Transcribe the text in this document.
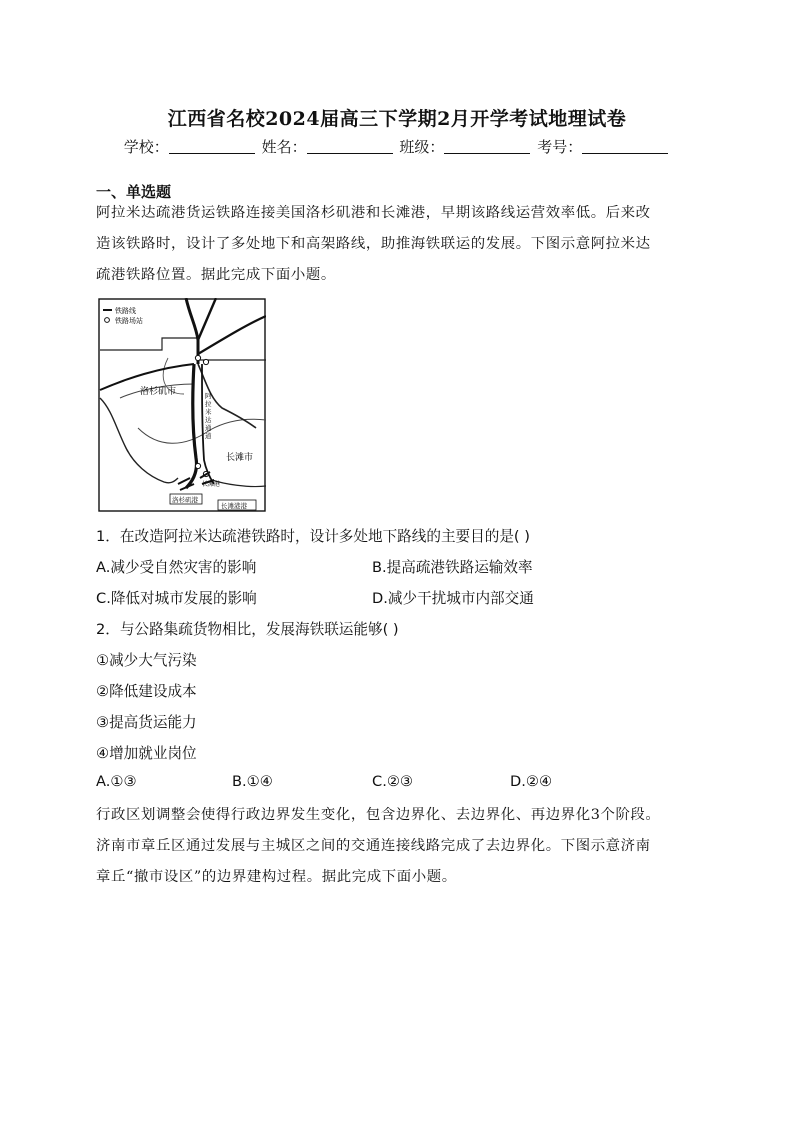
江西省名校2024届高三下学期2月开学考试地理试卷
学校：	姓名：	班级：	考号：
一、单选题
阿拉米达疏港货运铁路连接美国洛杉矶港和长滩港，早期该路线运营效率低。后来改
造该铁路时，设计了多处地下和高架路线，助推海铁联运的发展。下图示意阿拉米达
疏港铁路位置。据此完成下面小题。
铁路线
铁路场站
洛杉矶市
长滩市
阿
拉
米
达
通
道
洛杉矶港
长滩港
长滩港港
1．在改造阿拉米达疏港铁路时，设计多处地下路线的主要目的是( )
A.减少受自然灾害的影响	B.提高疏港铁路运输效率
C.降低对城市发展的影响	D.减少干扰城市内部交通
2．与公路集疏货物相比，发展海铁联运能够( )
①减少大气污染
②降低建设成本
③提高货运能力
④增加就业岗位
A.①③	B.①④	C.②③	D.②④
行政区划调整会使得行政边界发生变化，包含边界化、去边界化、再边界化3个阶段。
济南市章丘区通过发展与主城区之间的交通连接线路完成了去边界化。下图示意济南
章丘“撤市设区”的边界建构过程。据此完成下面小题。
